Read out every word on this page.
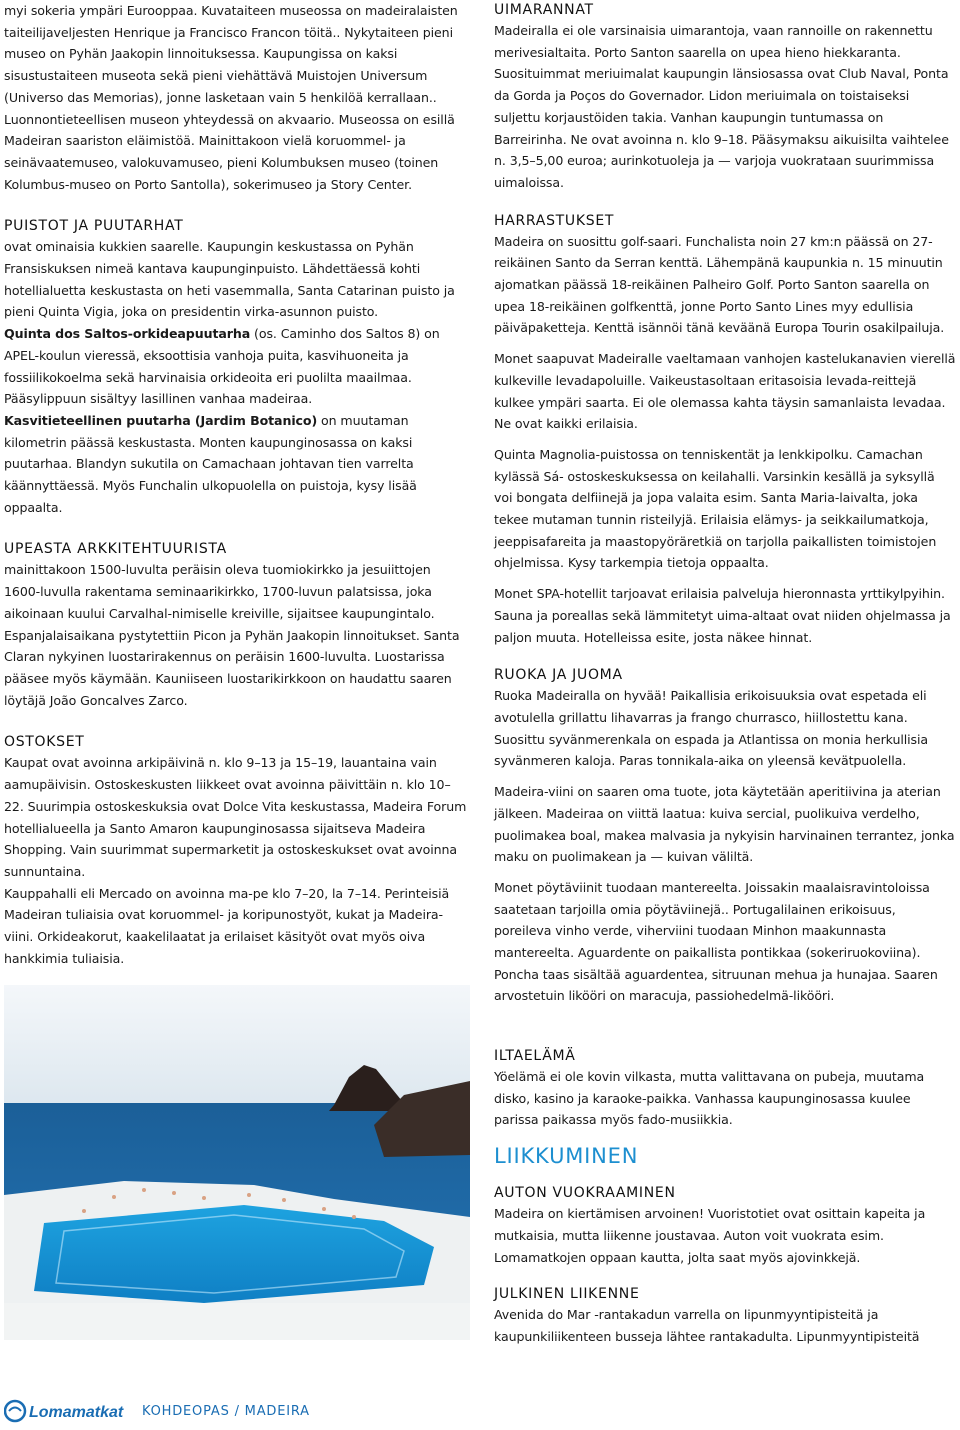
myi sokeria ympäri Eurooppaa. Kuvataiteen museossa on madeiralaisten taiteilijaveljesten Henrique ja Francisco Francon töitä.. Nykytaiteen pieni museo on Pyhän Jaakopin linnoituksessa. Kaupungissa on kaksi sisustustaiteen museota sekä pieni viehättävä Muistojen Universum (Universo das Memorias), jonne lasketaan vain 5 henkilöä kerrallaan.. Luonnontieteellisen museon yhteydessä on akvaario. Museossa on esillä Madeiran saariston eläimistöä. Mainittakoon vielä koruommel- ja seinävaatemuseo, valokuvamuseo, pieni Kolumbuksen museo (toinen Kolumbus-museo on Porto Santolla), sokerimuseo ja Story Center.

PUISTOT JA PUUTARHAT

ovat ominaisia kukkien saarelle. Kaupungin keskustassa on Pyhän Fransiskuksen nimeä kantava kaupunginpuisto. Lähdettäessä kohti hotellialuetta keskustasta on heti vasemmalla, Santa Catarinan puisto ja pieni Quinta Vigia, joka on presidentin virka-asunnon puisto.

Quinta dos Saltos-orkideapuutarha (os. Caminho dos Saltos 8) on APEL-koulun vieressä, eksoottisia vanhoja puita, kasvihuoneita ja fossiilikokoelma sekä harvinaisia orkideoita eri puolilta maailmaa. Pääsylippuun sisältyy lasillinen vanhaa madeiraa.

Kasvitieteellinen puutarha (Jardim Botanico) on muutaman kilometrin päässä keskustasta. Monten kaupunginosassa on kaksi puutarhaa. Blandyn sukutila on Camachaan johtavan tien varrelta käännyttäessä. Myös Funchalin ulkopuolella on puistoja, kysy lisää oppaalta.

UPEASTA ARKKITEHTUURISTA

mainittakoon 1500-luvulta peräisin oleva tuomiokirkko ja jesuiittojen 1600-luvulla rakentama seminaarikirkko, 1700-luvun palatsissa, joka aikoinaan kuului Carvalhal-nimiselle kreiville, sijaitsee kaupungintalo. Espanjalaisaikana pystytettiin Picon ja Pyhän Jaakopin linnoitukset. Santa Claran nykyinen luostarirakennus on peräisin 1600-luvulta. Luostarissa pääsee myös käymään. Kauniiseen luostarikirkkoon on haudattu saaren löytäjä João Goncalves Zarco.

OSTOKSET

Kaupat ovat avoinna arkipäivinä n. klo 9–13 ja 15–19, lauantaina vain aamupäivisin. Ostoskeskusten liikkeet ovat avoinna päivittäin n. klo 10–22. Suurimpia ostoskeskuksia ovat Dolce Vita keskustassa, Madeira Forum hotellialueella ja Santo Amaron kaupunginosassa sijaitseva Madeira Shopping. Vain suurimmat supermarketit ja ostoskeskukset ovat avoinna sunnuntaina.

Kauppahalli eli Mercado on avoinna ma-pe klo 7–20, la 7–14. Perinteisiä Madeiran tuliaisia ovat koruommel- ja koripunostyöt, kukat ja Madeira-viini. Orkideakorut, kaakelilaatat ja erilaiset käsityöt ovat myös oiva hankkimia tuliaisia.

UIMARANNAT

Madeiralla ei ole varsinaisia uimarantoja, vaan rannoille on rakennettu merivesialtaita. Porto Santon saarella on upea hieno hiekkaranta. Suosituimmat meriuimalat kaupungin länsiosassa ovat Club Naval, Ponta da Gorda ja Poços do Governador. Lidon meriuimala on toistaiseksi suljettu korjaustöiden takia. Vanhan kaupungin tuntumassa on Barreirinha. Ne ovat avoinna n. klo 9–18. Pääsymaksu aikuisilta vaihtelee n. 3,5–5,00 euroa; aurinkotuoleja ja — varjoja vuokrataan suurimmissa uimaloissa.

HARRASTUKSET

Madeira on suosittu golf-saari. Funchalista noin 27 km:n päässä on 27-reikäinen Santo da Serran kenttä. Lähempänä kaupunkia n. 15 minuutin ajomatkan päässä 18-reikäinen Palheiro Golf. Porto Santon saarella on upea 18-reikäinen golfkenttä, jonne Porto Santo Lines myy edullisia päiväpaketteja. Kenttä isännöi tänä keväänä Europa Tourin osakilpailuja.

Monet saapuvat Madeiralle vaeltamaan vanhojen kastelukanavien vierellä kulkeville levadapoluille. Vaikeustasoltaan eritasoisia levada-reittejä kulkee ympäri saarta. Ei ole olemassa kahta täysin samanlaista levadaa. Ne ovat kaikki erilaisia.

Quinta Magnolia-puistossa on tenniskentät ja lenkkipolku. Camachan kylässä Sá- ostoskeskuksessa on keilahalli. Varsinkin kesällä ja syksyllä voi bongata delfiinejä ja jopa valaita esim. Santa Maria-laivalta, joka tekee mutaman tunnin risteilyjä. Erilaisia elämys- ja seikkailumatkoja, jeeppisafareita ja maastopyöräretkiä on tarjolla paikallisten toimistojen ohjelmissa. Kysy tarkempia tietoja oppaalta.

Monet SPA-hotellit tarjoavat erilaisia palveluja hieronnasta yrttikylpyihin. Sauna ja poreallas sekä lämmitetyt uima-altaat ovat niiden ohjelmassa ja paljon muuta. Hotelleissa esite, josta näkee hinnat.

RUOKA JA JUOMA

Ruoka Madeiralla on hyvää! Paikallisia erikoisuuksia ovat espetada eli avotulella grillattu lihavarras ja frango churrasco, hiillostettu kana. Suosittu syvänmerenkala on espada ja Atlantissa on monia herkullisia syvänmeren kaloja. Paras tonnikala-aika on yleensä kevätpuolella.

Madeira-viini on saaren oma tuote, jota käytetään aperitiivina ja aterian jälkeen. Madeiraa on viittä laatua: kuiva sercial, puolikuiva verdelho, puolimakea boal, makea malvasia ja nykyisin harvinainen terrantez, jonka maku on puolimakean ja — kuivan väliltä.

Monet pöytäviinit tuodaan mantereelta. Joissakin maalaisravintoloissa saatetaan tarjoilla omia pöytäviinejä.. Portugalilainen erikoisuus, poreileva vinho verde, viherviini tuodaan Minhon maakunnasta mantereelta. Aguardente on paikallista pontikkaa (sokeriruokoviina). Poncha taas sisältää aguardentea, sitruunan mehua ja hunajaa. Saaren arvostetuin likööri on maracuja, passiohedelmä-likööri.

ILTAELÄMÄ

Yöelämä ei ole kovin vilkasta, mutta valittavana on pubeja, muutama disko, kasino ja karaoke-paikka. Vanhassa kaupunginosassa kuulee parissa paikassa myös fado-musiikkia.

LIIKKUMINEN
AUTON VUOKRAAMINEN

Madeira on kiertämisen arvoinen! Vuoristotiet ovat osittain kapeita ja mutkaisia, mutta liikenne joustavaa. Auton voit vuokrata esim. Lomamatkojen oppaan kautta, jolta saat myös ajovinkkejä.

JULKINEN LIIKENNE

Avenida do Mar -rantakadun varrella on lipunmyyntipisteitä ja kaupunkiliikenteen busseja lähtee rantakadulta. Lipunmyyntipisteitä

Lomamatkat KOHDEOPAS / MADEIRA
